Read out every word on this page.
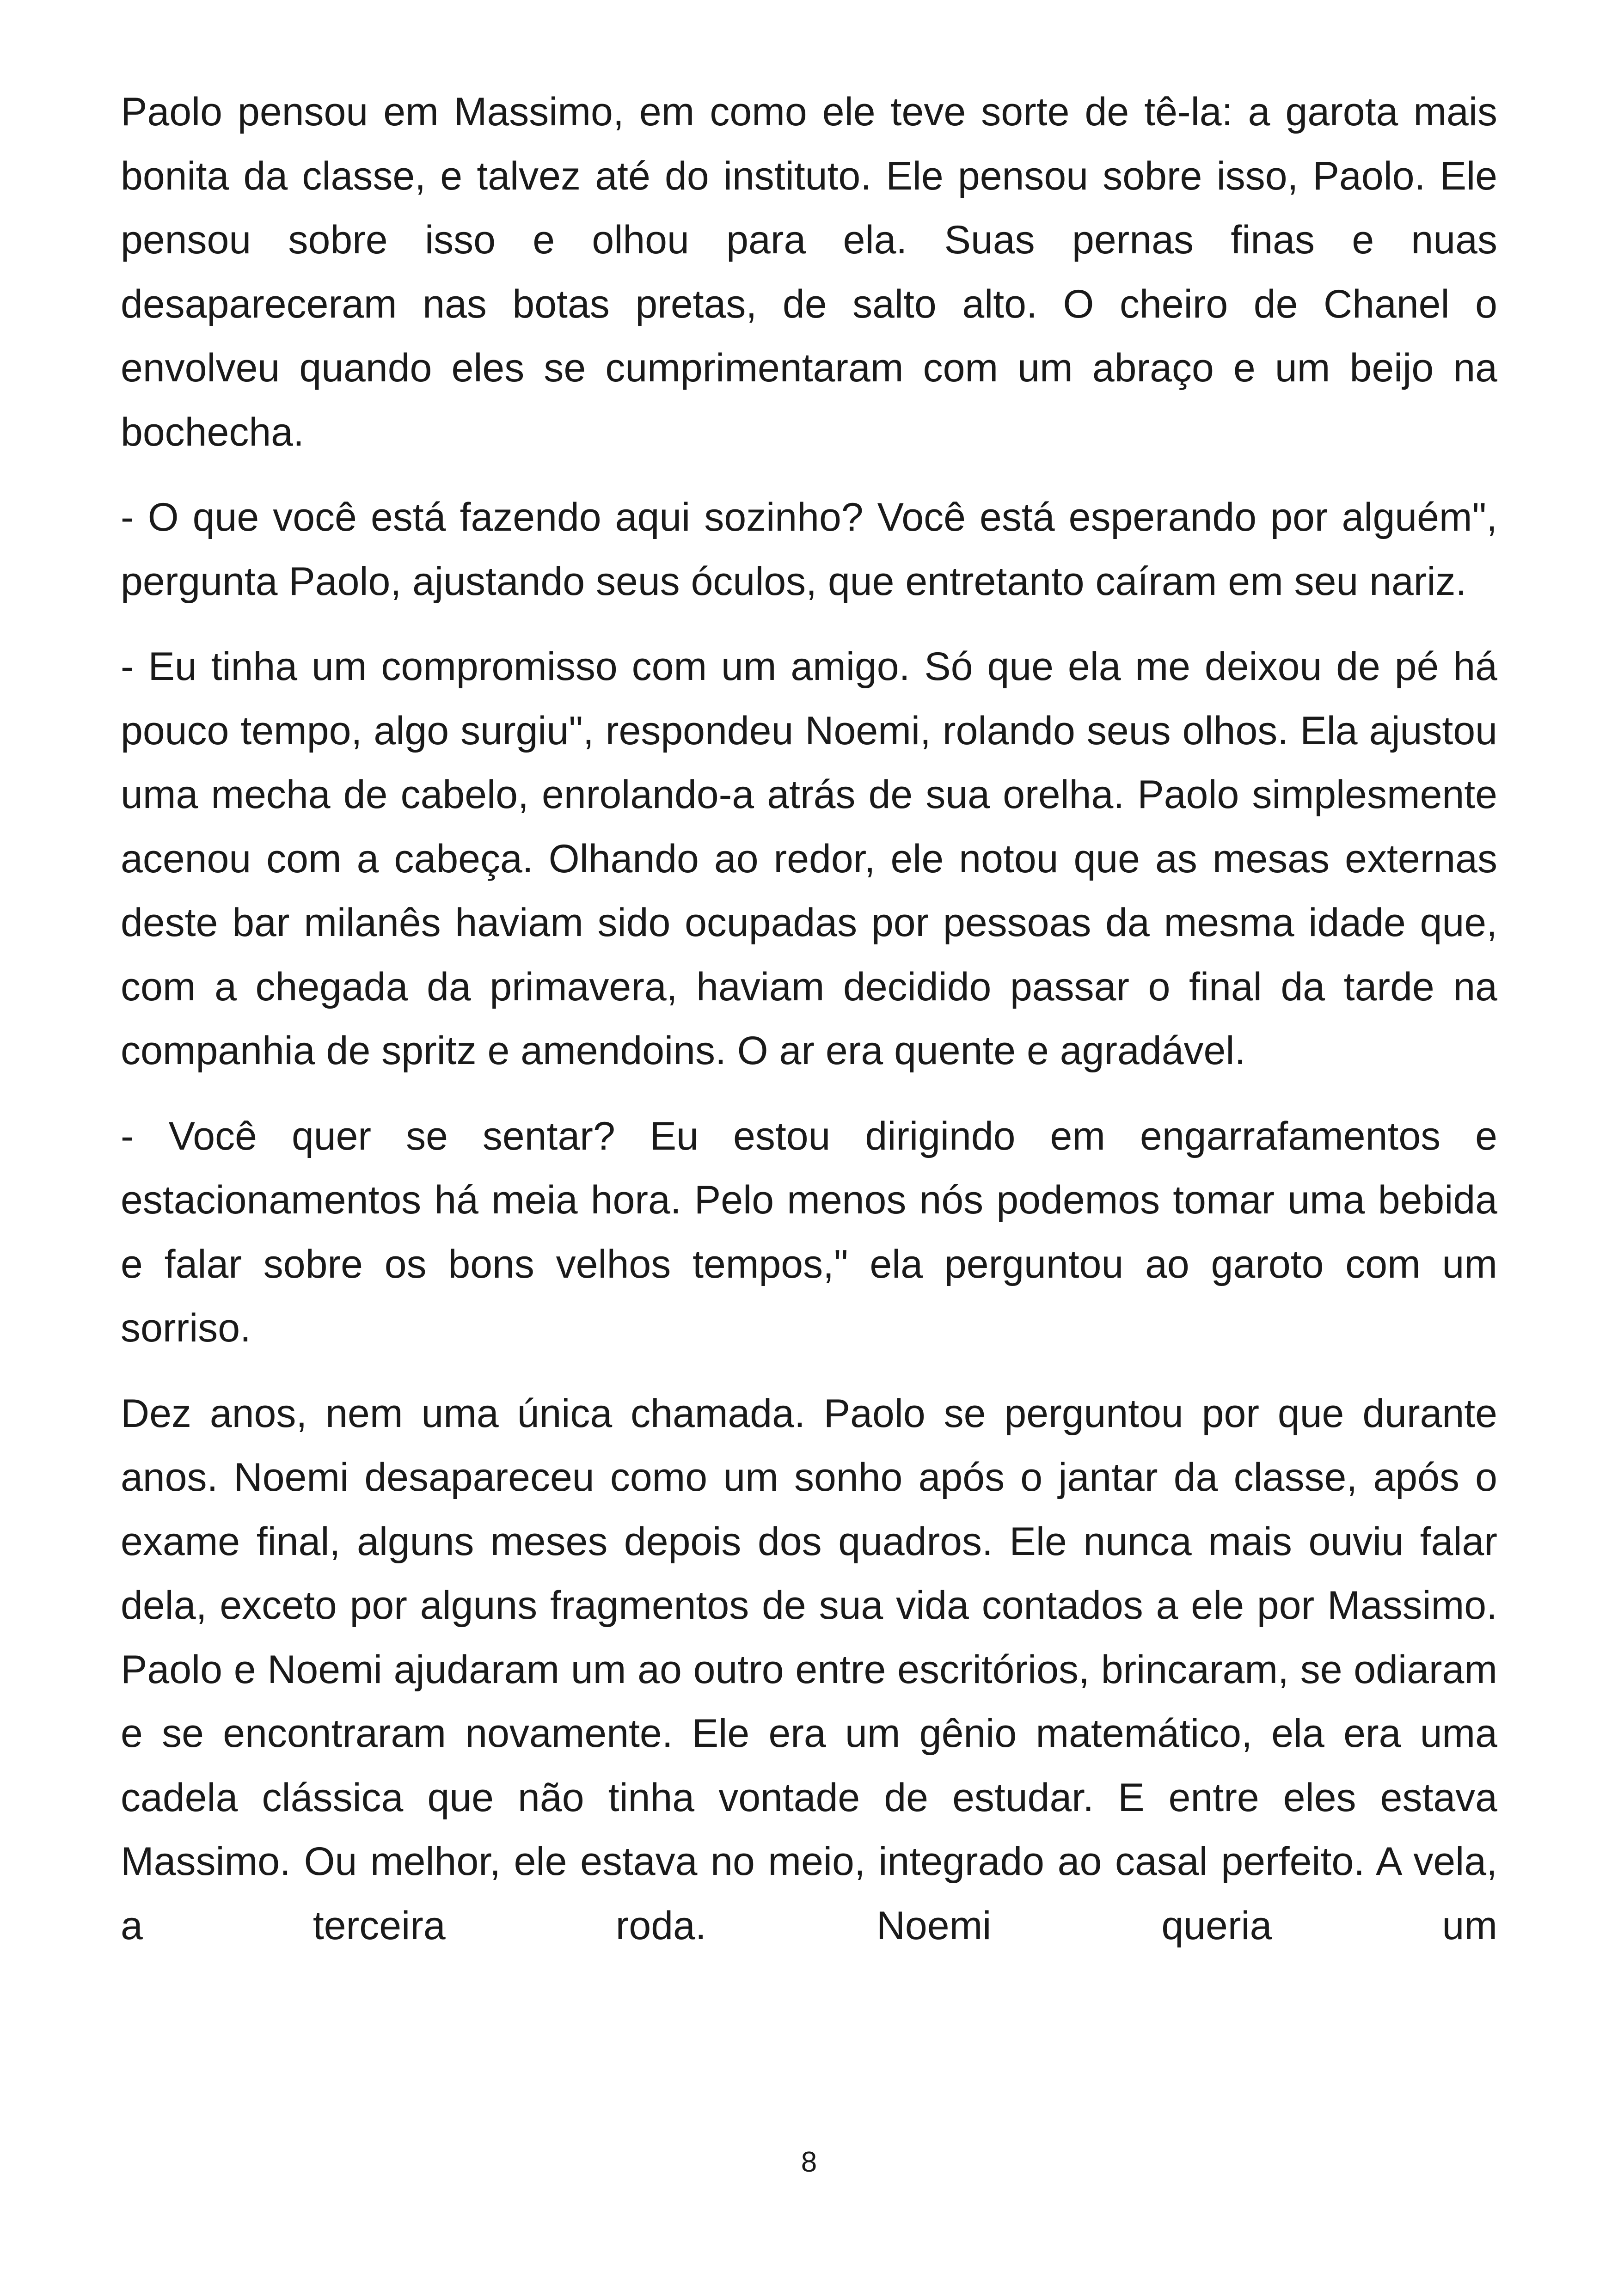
Paolo pensou em Massimo, em como ele teve sorte de tê-la: a garota mais bonita da classe, e talvez até do instituto. Ele pensou sobre isso, Paolo. Ele pensou sobre isso e olhou para ela. Suas pernas finas e nuas desapareceram nas botas pretas, de salto alto. O cheiro de Chanel o envolveu quando eles se cumprimentaram com um abraço e um beijo na bochecha.

- O que você está fazendo aqui sozinho? Você está esperando por alguém", pergunta Paolo, ajustando seus óculos, que entretanto caíram em seu nariz.

- Eu tinha um compromisso com um amigo. Só que ela me deixou de pé há pouco tempo, algo surgiu", respondeu Noemi, rolando seus olhos. Ela ajustou uma mecha de cabelo, enrolando-a atrás de sua orelha. Paolo simplesmente acenou com a cabeça. Olhando ao redor, ele notou que as mesas externas deste bar milanês haviam sido ocupadas por pessoas da mesma idade que, com a chegada da primavera, haviam decidido passar o final da tarde na companhia de spritz e amendoins. O ar era quente e agradável.

- Você quer se sentar? Eu estou dirigindo em engarrafamentos e estacionamentos há meia hora. Pelo menos nós podemos tomar uma bebida e falar sobre os bons velhos tempos," ela perguntou ao garoto com um sorriso.

Dez anos, nem uma única chamada. Paolo se perguntou por que durante anos. Noemi desapareceu como um sonho após o jantar da classe, após o exame final, alguns meses depois dos quadros. Ele nunca mais ouviu falar dela, exceto por alguns fragmentos de sua vida contados a ele por Massimo. Paolo e Noemi ajudaram um ao outro entre escritórios, brincaram, se odiaram e se encontraram novamente. Ele era um gênio matemático, ela era uma cadela clássica que não tinha vontade de estudar. E entre eles estava Massimo. Ou melhor, ele estava no meio, integrado ao casal perfeito. A vela, a terceira roda. Noemi queria um

8
